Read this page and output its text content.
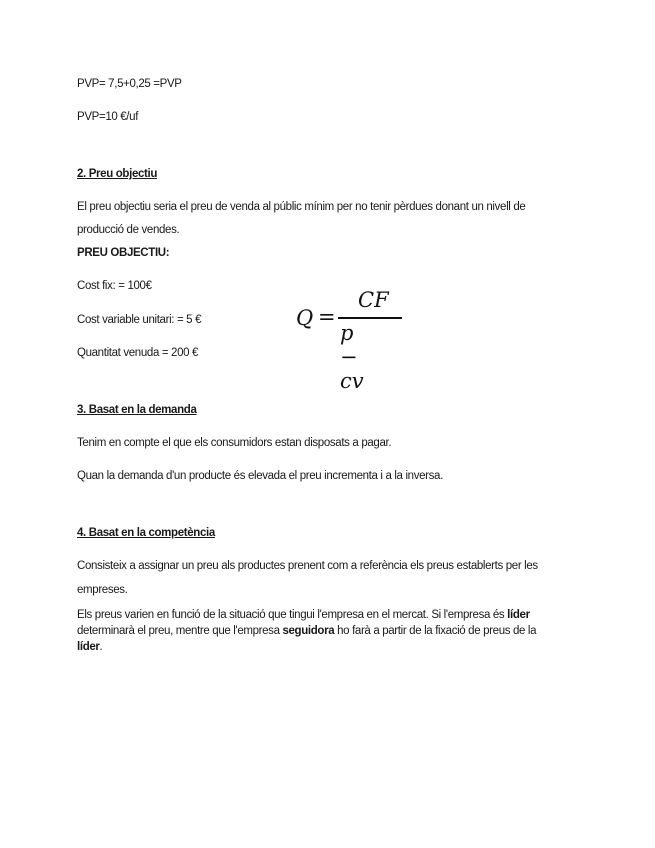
PVP= 7,5+0,25 =PVP
PVP=10 €/uf
2. Preu objectiu
El preu objectiu seria el preu de venda al públic mínim per no tenir pèrdues donant un nivell de
producció de vendes.
PREU OBJECTIU:
Cost fix: = 100€
Cost variable unitari: = 5 €
Quantitat venuda = 200 €
Q =
CF
p − cv
3. Basat en la demanda
Tenim en compte el que els consumidors estan disposats a pagar.
Quan la demanda d'un producte és elevada el preu incrementa i a la inversa.
4. Basat en la competència
Consisteix a assignar un preu als productes prenent com a referència els preus establerts per les
empreses.
Els preus varien en funció de la situació que tingui l'empresa en el mercat. Si l'empresa és líder
determinarà el preu, mentre que l'empresa seguidora ho farà a partir de la fixació de preus de la
líder.
